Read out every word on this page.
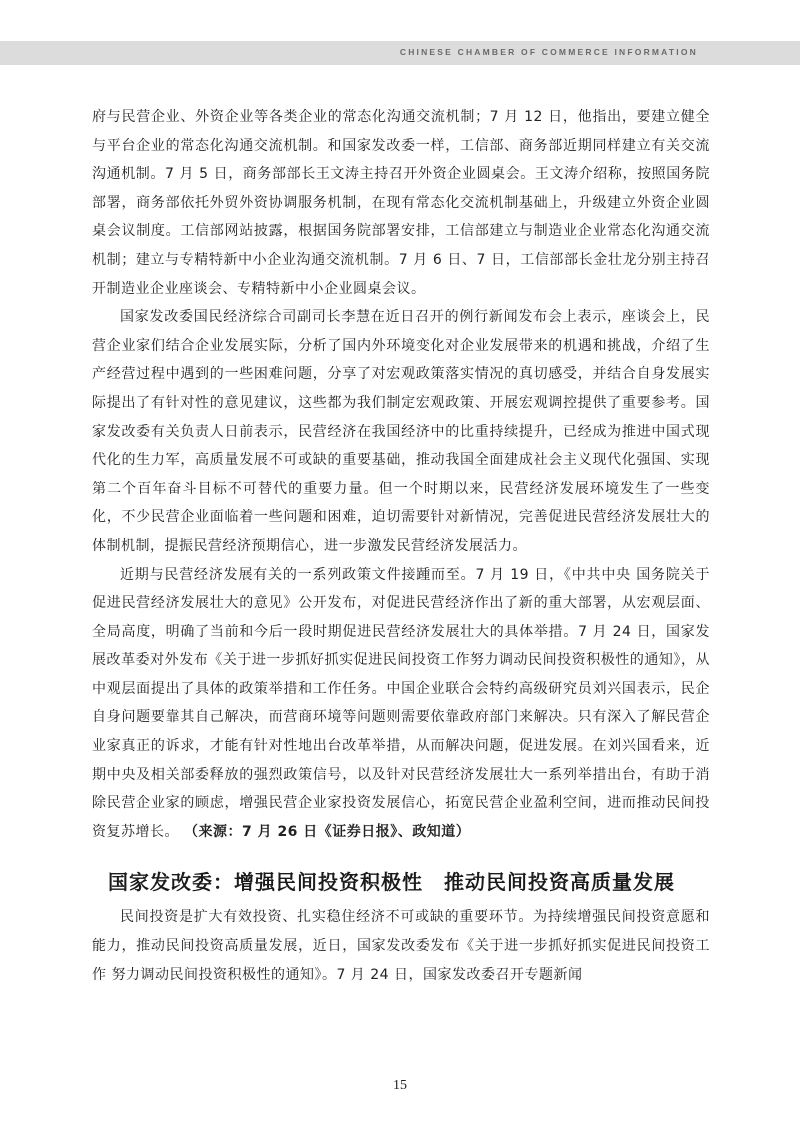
CHINESE CHAMBER OF COMMERCE INFORMATION

府与民营企业、外资企业等各类企业的常态化沟通交流机制；7 月 12 日，他指出，要建立健全与平台企业的常态化沟通交流机制。和国家发改委一样，工信部、商务部近期同样建立有关交流沟通机制。7 月 5 日，商务部部长王文涛主持召开外资企业圆桌会。王文涛介绍称，按照国务院部署，商务部依托外贸外资协调服务机制，在现有常态化交流机制基础上，升级建立外资企业圆桌会议制度。工信部网站披露，根据国务院部署安排，工信部建立与制造业企业常态化沟通交流机制；建立与专精特新中小企业沟通交流机制。7 月 6 日、7 日，工信部部长金壮龙分别主持召开制造业企业座谈会、专精特新中小企业圆桌会议。

国家发改委国民经济综合司副司长李慧在近日召开的例行新闻发布会上表示，座谈会上，民营企业家们结合企业发展实际，分析了国内外环境变化对企业发展带来的机遇和挑战，介绍了生产经营过程中遇到的一些困难问题，分享了对宏观政策落实情况的真切感受，并结合自身发展实际提出了有针对性的意见建议，这些都为我们制定宏观政策、开展宏观调控提供了重要参考。国家发改委有关负责人日前表示，民营经济在我国经济中的比重持续提升，已经成为推进中国式现代化的生力军，高质量发展不可或缺的重要基础，推动我国全面建成社会主义现代化强国、实现第二个百年奋斗目标不可替代的重要力量。但一个时期以来，民营经济发展环境发生了一些变化，不少民营企业面临着一些问题和困难，迫切需要针对新情况，完善促进民营经济发展壮大的体制机制，提振民营经济预期信心，进一步激发民营经济发展活力。

近期与民营经济发展有关的一系列政策文件接踵而至。7 月 19 日，《中共中央 国务院关于促进民营经济发展壮大的意见》公开发布，对促进民营经济作出了新的重大部署，从宏观层面、全局高度，明确了当前和今后一段时期促进民营经济发展壮大的具体举措。7 月 24 日，国家发展改革委对外发布《关于进一步抓好抓实促进民间投资工作努力调动民间投资积极性的通知》，从中观层面提出了具体的政策举措和工作任务。中国企业联合会特约高级研究员刘兴国表示，民企自身问题要靠其自己解决，而营商环境等问题则需要依靠政府部门来解决。只有深入了解民营企业家真正的诉求，才能有针对性地出台改革举措，从而解决问题，促进发展。在刘兴国看来，近期中央及相关部委释放的强烈政策信号，以及针对民营经济发展壮大一系列举措出台，有助于消除民营企业家的顾虑，增强民营企业家投资发展信心，拓宽民营企业盈利空间，进而推动民间投资复苏增长。 （来源：7 月 26 日《证券日报》、政知道）

国家发改委：增强民间投资积极性　推动民间投资高质量发展

民间投资是扩大有效投资、扎实稳住经济不可或缺的重要环节。为持续增强民间投资意愿和能力，推动民间投资高质量发展，近日，国家发改委发布《关于进一步抓好抓实促进民间投资工作 努力调动民间投资积极性的通知》。7 月 24 日，国家发改委召开专题新闻

15
